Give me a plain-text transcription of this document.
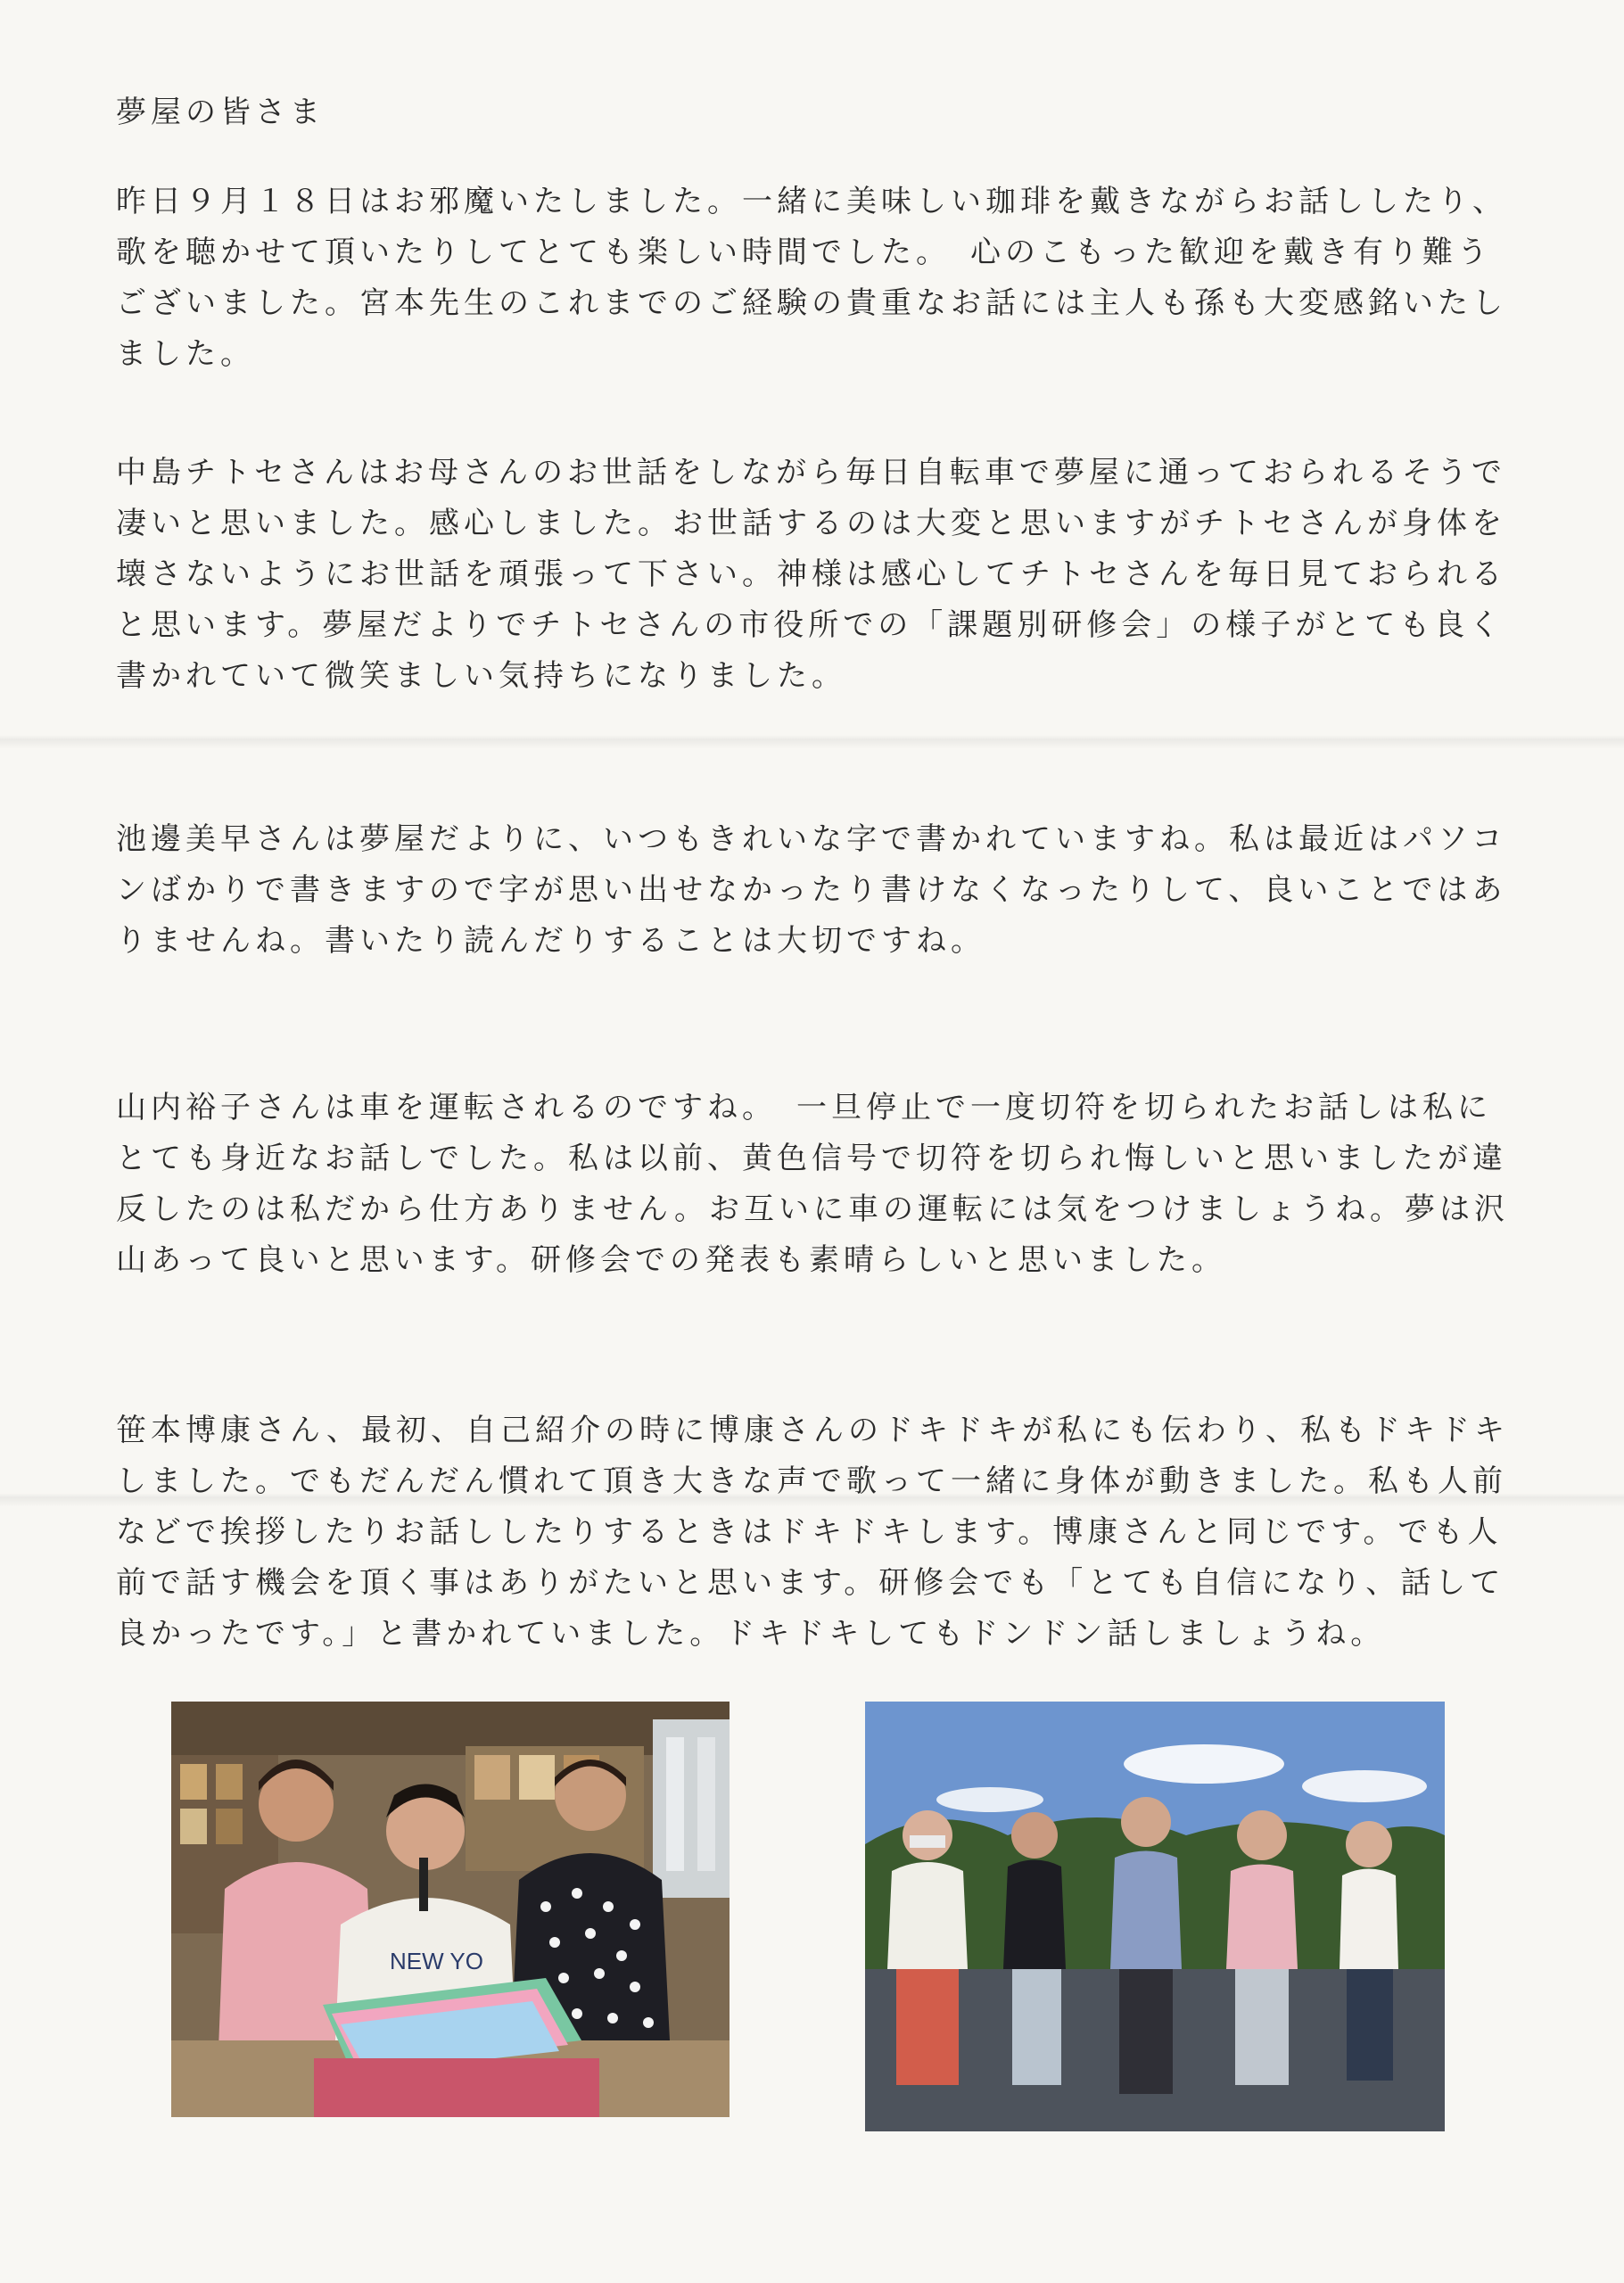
夢屋の皆さま
昨日９月１８日はお邪魔いたしました。一緒に美味しい珈琲を戴きながらお話ししたり、歌を聴かせて頂いたりしてとても楽しい時間でした。　心のこもった歓迎を戴き有り難うございました。宮本先生のこれまでのご経験の貴重なお話には主人も孫も大変感銘いたしました。
中島チトセさんはお母さんのお世話をしながら毎日自転車で夢屋に通っておられるそうで凄いと思いました。感心しました。お世話するのは大変と思いますがチトセさんが身体を壊さないようにお世話を頑張って下さい。神様は感心してチトセさんを毎日見ておられると思います。夢屋だよりでチトセさんの市役所での「課題別研修会」の様子がとても良く書かれていて微笑ましい気持ちになりました。
池邊美早さんは夢屋だよりに、いつもきれいな字で書かれていますね。私は最近はパソコンばかりで書きますので字が思い出せなかったり書けなくなったりして、良いことではありませんね。書いたり読んだりすることは大切ですね。
山内裕子さんは車を運転されるのですね。　一旦停止で一度切符を切られたお話しは私にとても身近なお話しでした。私は以前、黄色信号で切符を切られ悔しいと思いましたが違反したのは私だから仕方ありません。お互いに車の運転には気をつけましょうね。夢は沢山あって良いと思います。研修会での発表も素晴らしいと思いました。
笹本博康さん、最初、自己紹介の時に博康さんのドキドキが私にも伝わり、私もドキドキしました。でもだんだん慣れて頂き大きな声で歌って一緒に身体が動きました。私も人前などで挨拶したりお話ししたりするときはドキドキします。博康さんと同じです。でも人前で話す機会を頂く事はありがたいと思います。研修会でも「とても自信になり、話して良かったです。」と書かれていました。ドキドキしてもドンドン話しましょうね。
NEW YO
